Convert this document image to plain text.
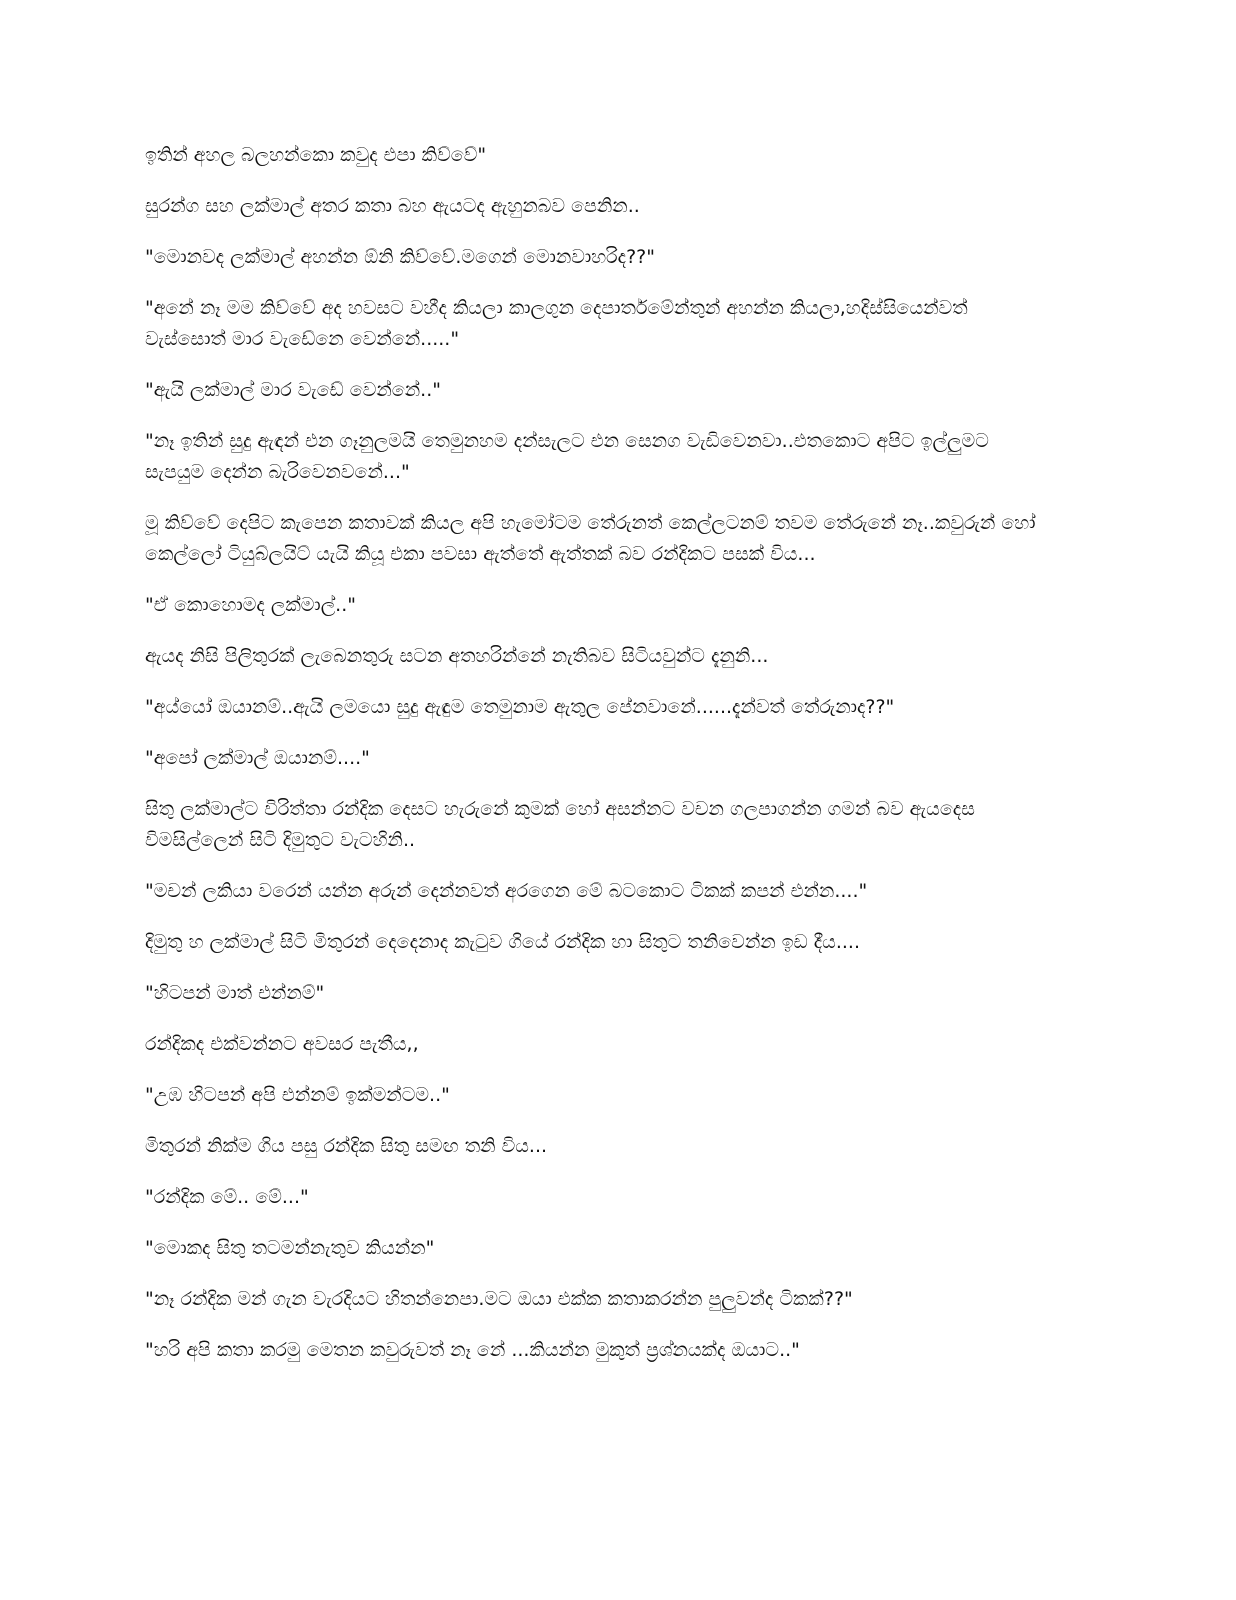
ඉතින් අහල බලහන්කො කවුද එපා කිව්වේ"

සුරන්ග සහ ලක්මාල් අතර කතා බහ ඇයටද ඇහුනබව පෙනින..

"මොනවද ලක්මාල් අහන්න ඕනි කිව්වේ.මගෙන් මොනවාහරිද??"

"අනේ නෑ මම කිව්වේ අද හවසට වහීද කියලා කාලගුන දෙපාර්තමේන්තුන් අහන්න කියලා,හදිස්සියෙන්වත් වැස්සොත් මාර වැඩේනෙ වෙන්නේ....."

"ඇයි ලක්මාල් මාර වැඩේ වෙන්නේ.."

"නෑ ඉතින් සුදු ඇඳන් එන ගෑනුලමයි තෙමුනහම දන්සැලට එන සෙනග වැඩිවෙනවා..එතකොට අපිට ඉල්ලුමට සැපයුම දෙන්න බැරිවෙනවනේ..."

මූ කිව්වේ දෙපිට කැපෙන කතාවක් කියල අපි හැමෝටම තේරුනත් කෙල්ලටනම් තවම තේරුනේ නෑ..කවුරුන් හෝ කෙල්ලෝ ටියුබ්ලයිට් යැයි කියූ එකා පවසා ඇත්තේ ඇත්තක් බව රන්දිකට පසක් විය...

"ඒ කොහොමද ලක්මාල්.."

ඇයද නිසි පිලිතුරක් ලැබෙනතුරු සටන අතහරින්නේ නැතිබව සිටියවුන්ට දැනුනි...

"අය්යෝ ඔයානම්..ඇයි ලමයො සුදු ඇඳුම තෙමුනාම ඇතුල පේනවානේ......දැන්වත් තේරුනාද??"

"අපෝ ලක්මාල් ඔයානම්...."

සිතු ලක්මාල්ට විරිත්තා රන්දික දෙසට හැරුනේ කුමක් හෝ අසන්නට වචන ගලපාගන්න ගමන් බව ඇයදෙස විමසිල්ලෙන් සිටි දිමුතුට වැටහිනි..

"මචන් ලකියා වරෙන් යන්න අරුන් දෙන්නවත් අරගෙන මේ බටකොට ටිකක් කපන් එන්න...."

දිමුතු හ ලක්මාල් සිටි මිතුරන් දෙදෙනාද කැටුව ගියේ රන්දික හා සිතුට තනිවෙන්න ඉඩ දීය....

"හිටපන් මාත් එන්නම්"

රන්දිකද එක්වන්නට අවසර පැතීය,,

"උඹ හිටපන් අපි එන්නම් ඉක්මන්ටම.."

මිතුරන් නික්ම ගිය පසු රන්දික සිතු සමඟ තනි විය...

"රන්දික මේ.. මේ..."

"මොකද සිතු තටමන්නැතුව කියන්න"

"නෑ රන්දික මන් ගැන වැරදියට හිතන්නෙපා.මට ඔයා එක්ක කතාකරන්න පුලුවන්ද ටිකක්??"

"හරි අපි කතා කරමු මෙතන කවුරුවත් නෑ නේ ...කියන්න මුකුත් ප්‍රශ්නයක්ද ඔයාට.."
